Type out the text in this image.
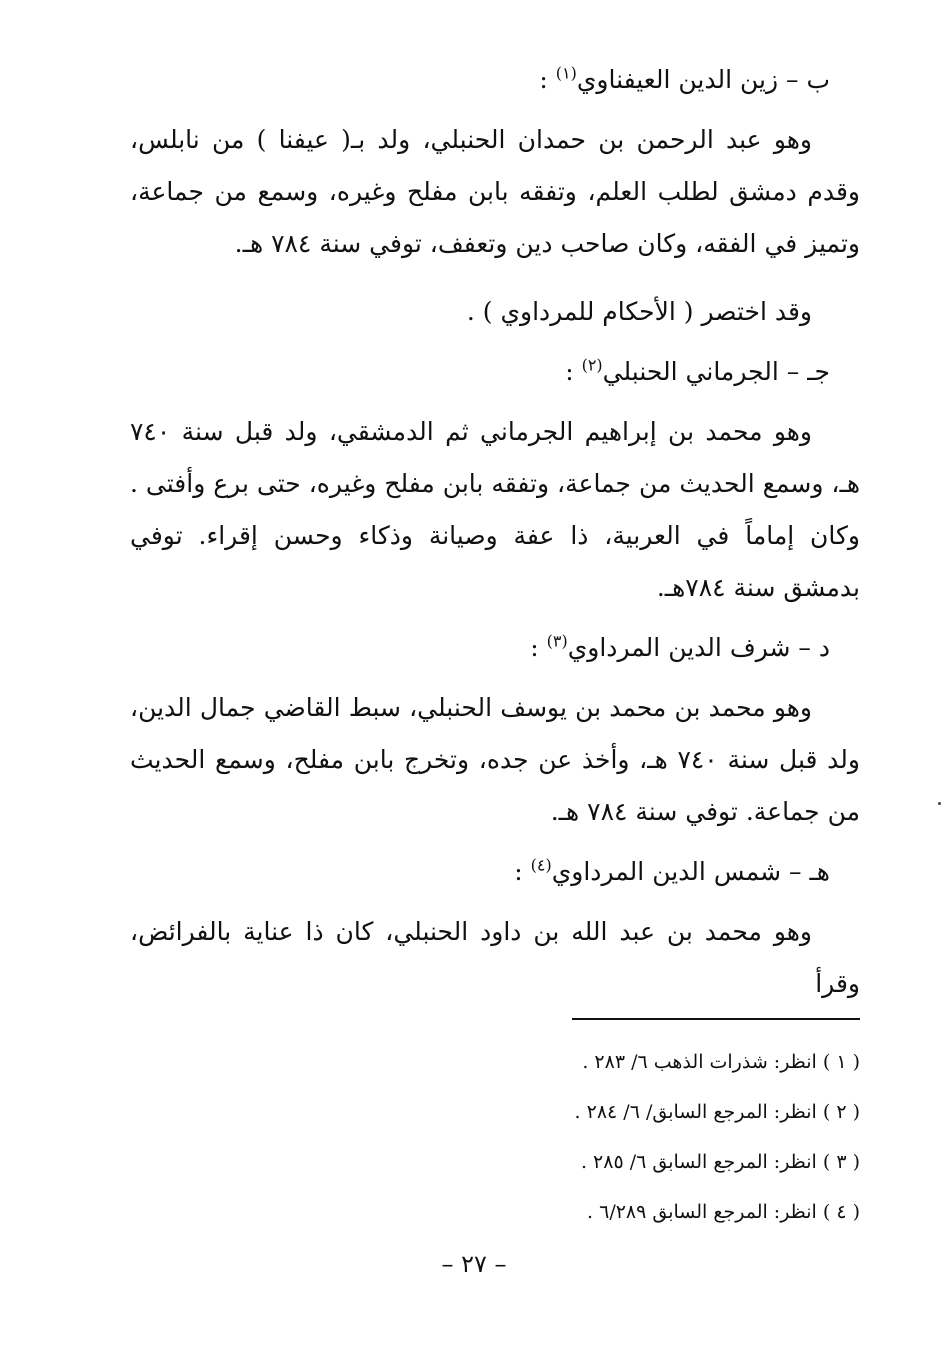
ب – زين الدين العيفناوي$^{(١)}$ :

وهو عبد الرحمن بن حمدان الحنبلي، ولد بـ( عيفنا ) من نابلس، وقدم دمشق لطلب العلم، وتفقه بابن مفلح وغيره، وسمع من جماعة، وتميز في الفقه، وكان صاحب دين وتعفف، توفي سنة ٧٨٤ هـ.

وقد اختصر ( الأحكام للمرداوي ) .

جـ – الجرماني الحنبلي$^{(٢)}$ :

وهو محمد بن إبراهيم الجرماني ثم الدمشقي، ولد قبل سنة ٧٤٠ هـ، وسمع الحديث من جماعة، وتفقه بابن مفلح وغيره، حتى برع وأفتى . وكان إماماً في العربية، ذا عفة وصيانة وذكاء وحسن إقراء. توفي بدمشق سنة ٧٨٤هـ.

د – شرف الدين المرداوي$^{(٣)}$ :

وهو محمد بن محمد بن يوسف الحنبلي، سبط القاضي جمال الدين، ولد قبل سنة ٧٤٠ هـ، وأخذ عن جده، وتخرج بابن مفلح، وسمع الحديث من جماعة. توفي سنة ٧٨٤ هـ.

هـ – شمس الدين المرداوي$^{(٤)}$ :

وهو محمد بن عبد الله بن داود الحنبلي، كان ذا عناية بالفرائض، وقرأ

( ١ ) انظر: شذرات الذهب ٦/ ٢٨٣ .
( ٢ ) انظر: المرجع السابق/ ٦/ ٢٨٤ .
( ٣ ) انظر: المرجع السابق ٦/ ٢٨٥ .
( ٤ ) انظر: المرجع السابق ٦/٢٨٩ .
– ٢٧ –
